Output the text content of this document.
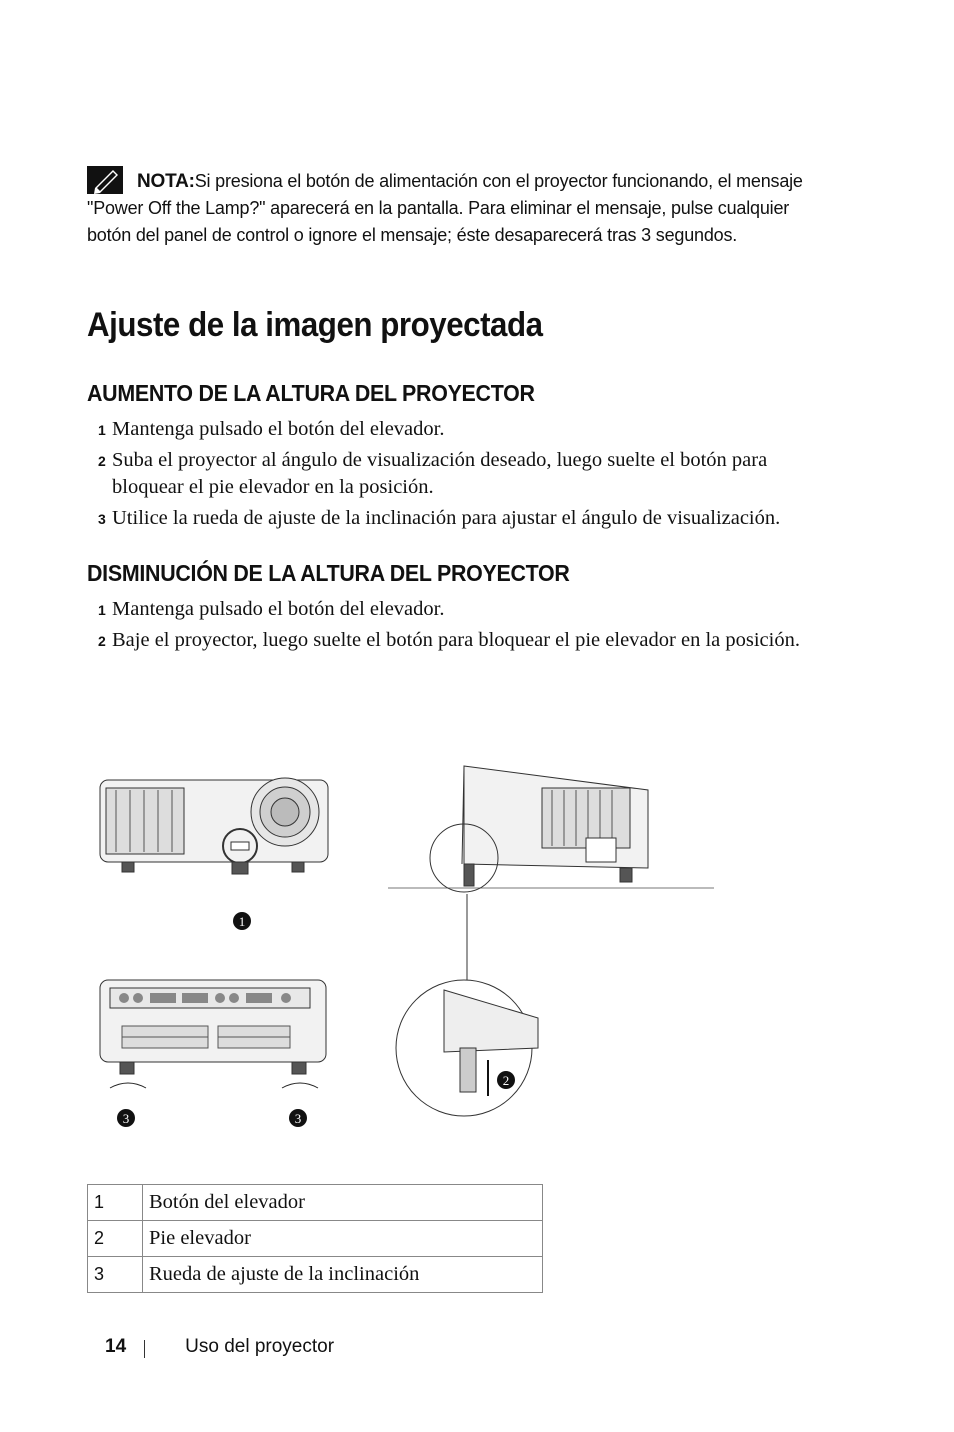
NOTA:Si presiona el botón de alimentación con el proyector funcionando, el mensaje "Power Off the Lamp?" aparecerá en la pantalla. Para eliminar el mensaje, pulse cualquier botón del panel de control o ignore el mensaje; éste desaparecerá tras 3 segundos.
Ajuste de la imagen proyectada
AUMENTO DE LA ALTURA DEL PROYECTOR
1 Mantenga pulsado el botón del elevador.
2 Suba el proyector al ángulo de visualización deseado, luego suelte el botón para bloquear el pie elevador en la posición.
3 Utilice la rueda de ajuste de la inclinación para ajustar el ángulo de visualización.
DISMINUCIÓN DE LA ALTURA DEL PROYECTOR
1 Mantenga pulsado el botón del elevador.
2 Baje el proyector, luego suelte el botón para bloquear el pie elevador en la posición.
1
3	3
2
1	Botón del elevador
2	Pie elevador
3	Rueda de ajuste de la inclinación
14	Uso del proyector
